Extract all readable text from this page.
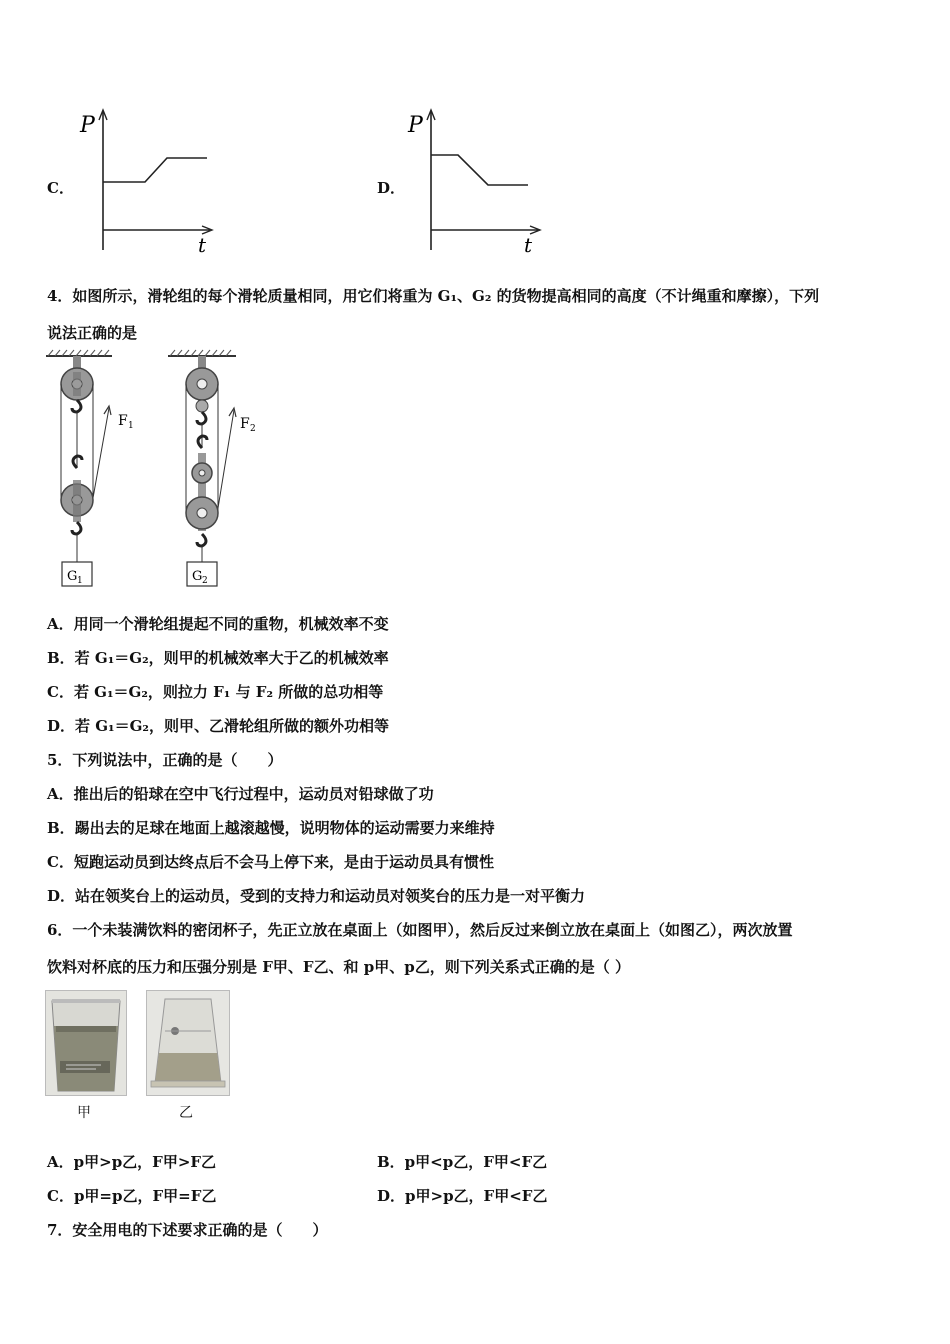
C．
P
t
D．
P
t
4．如图所示，滑轮组的每个滑轮质量相同，用它们将重为 G₁、G₂ 的货物提高相同的高度（不计绳重和摩擦），下列
说法正确的是
F 1
G 1
F 2
G 2
A．用同一个滑轮组提起不同的重物，机械效率不变
B．若 G₁＝G₂，则甲的机械效率大于乙的机械效率
C．若 G₁＝G₂，则拉力 F₁ 与 F₂ 所做的总功相等
D．若 G₁＝G₂，则甲、乙滑轮组所做的额外功相等
5．下列说法中，正确的是（　　）
A．推出后的铅球在空中飞行过程中，运动员对铅球做了功
B．踢出去的足球在地面上越滚越慢，说明物体的运动需要力来维持
C．短跑运动员到达终点后不会马上停下来，是由于运动员具有惯性
D．站在领奖台上的运动员，受到的支持力和运动员对领奖台的压力是一对平衡力
6．一个未装满饮料的密闭杯子，先正立放在桌面上（如图甲），然后反过来倒立放在桌面上（如图乙），两次放置
饮料对杯底的压力和压强分别是 F甲、F乙、和 p甲、p乙，则下列关系式正确的是（ ）
甲	乙
A．p甲>p乙，F甲>F乙	B．p甲<p乙，F甲<F乙
C．p甲=p乙，F甲=F乙	D．p甲>p乙，F甲<F乙
7．安全用电的下述要求正确的是（　　）
